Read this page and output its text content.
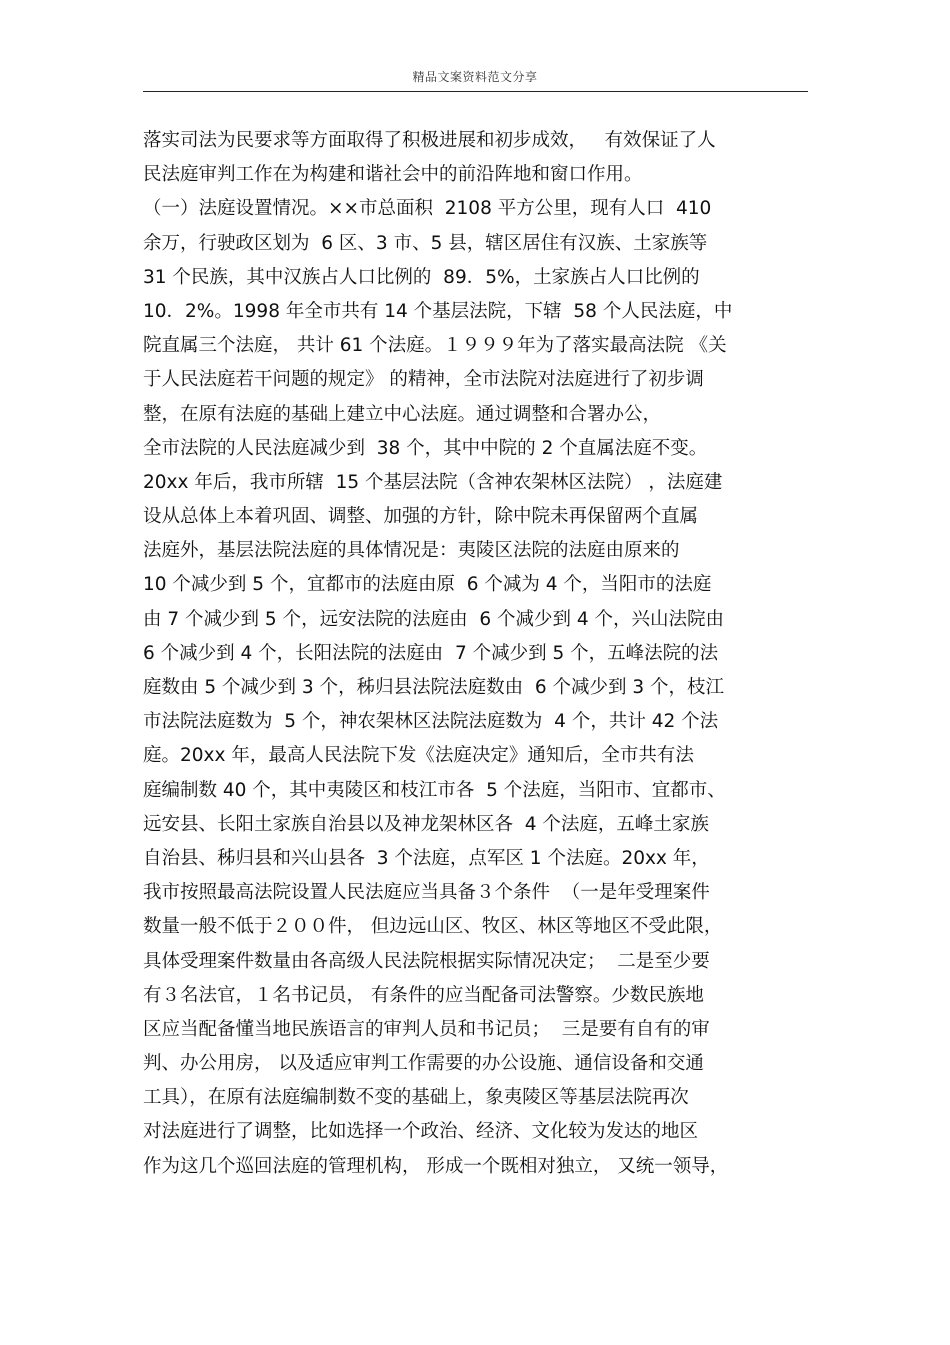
精品文案资料范文分享
落实司法为民要求等方面取得了积极进展和初步成效，   有效保证了人
民法庭审判工作在为构建和谐社会中的前沿阵地和窗口作用。
（一）法庭设置情况。××市总面积  2108 平方公里，现有人口  410
余万，行驶政区划为  6 区、3 市、5 县，辖区居住有汉族、土家族等
31 个民族，其中汉族占人口比例的  89．5%，土家族占人口比例的
10．2%。1998 年全市共有 14 个基层法院，下辖  58 个人民法庭，中
院直属三个法庭， 共计 61 个法庭。１９９９年为了落实最高法院 《关
于人民法庭若干问题的规定》 的精神，全市法院对法庭进行了初步调
整，在原有法庭的基础上建立中心法庭。通过调整和合署办公，
全市法院的人民法庭减少到  38 个，其中中院的 2 个直属法庭不变。
20xx 年后，我市所辖  15 个基层法院（含神农架林区法院） ，法庭建
设从总体上本着巩固、调整、加强的方针，除中院未再保留两个直属
法庭外，基层法院法庭的具体情况是：夷陵区法院的法庭由原来的
10 个减少到 5 个，宜都市的法庭由原  6 个减为 4 个，当阳市的法庭
由 7 个减少到 5 个，远安法院的法庭由  6 个减少到 4 个，兴山法院由
6 个减少到 4 个，长阳法院的法庭由  7 个减少到 5 个，五峰法院的法
庭数由 5 个减少到 3 个，秭归县法院法庭数由  6 个减少到 3 个，枝江
市法院法庭数为  5 个，神农架林区法院法庭数为  4 个，共计 42 个法
庭。20xx 年，最高人民法院下发《法庭决定》通知后，全市共有法
庭编制数 40 个，其中夷陵区和枝江市各  5 个法庭，当阳市、宜都市、
远安县、长阳土家族自治县以及神龙架林区各  4 个法庭，五峰土家族
自治县、秭归县和兴山县各  3 个法庭，点军区 1 个法庭。20xx 年，
我市按照最高法院设置人民法庭应当具备３个条件  （一是年受理案件
数量一般不低于２００件， 但边远山区、牧区、林区等地区不受此限，
具体受理案件数量由各高级人民法院根据实际情况决定；  二是至少要
有３名法官，１名书记员， 有条件的应当配备司法警察。少数民族地
区应当配备懂当地民族语言的审判人员和书记员；  三是要有自有的审
判、办公用房， 以及适应审判工作需要的办公设施、通信设备和交通
工具），在原有法庭编制数不变的基础上，象夷陵区等基层法院再次
对法庭进行了调整，比如选择一个政治、经济、文化较为发达的地区
作为这几个巡回法庭的管理机构， 形成一个既相对独立， 又统一领导，
